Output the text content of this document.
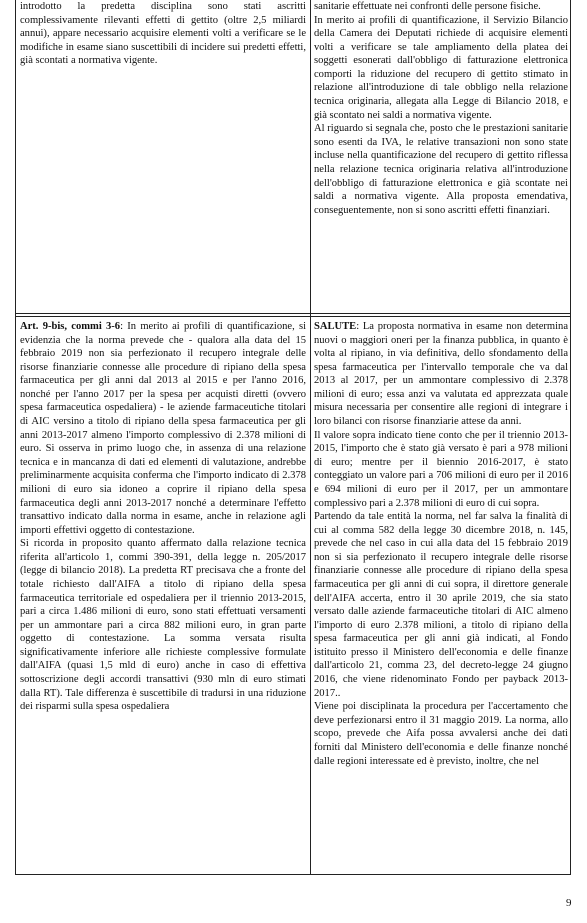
introdotto la predetta disciplina sono stati ascritti complessivamente rilevanti effetti di gettito (oltre 2,5 miliardi annui), appare necessario acquisire elementi volti a verificare se le modifiche in esame siano suscettibili di incidere sui predetti effetti, già scontati a normativa vigente.

sanitarie effettuate nei confronti delle persone fisiche.

In merito ai profili di quantificazione, il Servizio Bilancio della Camera dei Deputati richiede di acquisire elementi volti a verificare se tale ampliamento della platea dei soggetti esonerati dall'obbligo di fatturazione elettronica comporti la riduzione del recupero di gettito stimato in relazione all'introduzione di tale obbligo nella relazione tecnica originaria, allegata alla Legge di Bilancio 2018, e già scontato nei saldi a normativa vigente.

Al riguardo si segnala che, posto che le prestazioni sanitarie sono esenti da IVA, le relative transazioni non sono state incluse nella quantificazione del recupero di gettito riflessa nella relazione tecnica originaria relativa all'introduzione dell'obbligo di fatturazione elettronica e già scontate nei saldi a normativa vigente. Alla proposta emendativa, conseguentemente, non si sono ascritti effetti finanziari.

Art. 9-bis, commi 3-6: In merito ai profili di quantificazione, si evidenzia che la norma prevede che - qualora alla data del 15 febbraio 2019 non sia perfezionato il recupero integrale delle risorse finanziarie connesse alle procedure di ripiano della spesa farmaceutica per gli anni dal 2013 al 2015 e per l'anno 2016, nonché per l'anno 2017 per la spesa per acquisti diretti (ovvero spesa farmaceutica ospedaliera) - le aziende farmaceutiche titolari di AIC versino a titolo di ripiano della spesa farmaceutica per gli anni 2013-2017 almeno l'importo complessivo di 2.378 milioni di euro. Si osserva in primo luogo che, in assenza di una relazione tecnica e in mancanza di dati ed elementi di valutazione, andrebbe preliminarmente acquisita conferma che l'importo indicato di 2.378 milioni di euro sia idoneo a coprire il ripiano della spesa farmaceutica degli anni 2013-2017 nonché a determinare l'effetto transattivo indicato dalla norma in esame, anche in relazione agli importi effettivi oggetto di contestazione.

Si ricorda in proposito quanto affermato dalla relazione tecnica riferita all'articolo 1, commi 390-391, della legge n. 205/2017 (legge di bilancio 2018). La predetta RT precisava che a fronte del totale richiesto dall'AIFA a titolo di ripiano della spesa farmaceutica territoriale ed ospedaliera per il triennio 2013-2015, pari a circa 1.486 milioni di euro, sono stati effettuati versamenti per un ammontare pari a circa 882 milioni euro, in gran parte oggetto di contestazione. La somma versata risulta significativamente inferiore alle richieste complessive formulate dall'AIFA (quasi 1,5 mld di euro) anche in caso di effettiva sottoscrizione degli accordi transattivi (930 mln di euro stimati dalla RT). Tale differenza è suscettibile di tradursi in una riduzione dei risparmi sulla spesa ospedaliera

SALUTE: La proposta normativa in esame non determina nuovi o maggiori oneri per la finanza pubblica, in quanto è volta al ripiano, in via definitiva, dello sfondamento della spesa farmaceutica per l'intervallo temporale che va dal 2013 al 2017, per un ammontare complessivo di 2.378 milioni di euro; essa anzi va valutata ed apprezzata quale misura necessaria per consentire alle regioni di integrare i loro bilanci con risorse finanziarie attese da anni.

Il valore sopra indicato tiene conto che per il triennio 2013-2015, l'importo che è stato già versato è pari a 978 milioni di euro; mentre per il biennio 2016-2017, è stato conteggiato un valore pari a 706 milioni di euro per il 2016 e 694 milioni di euro per il 2017, per un ammontare complessivo pari a 2.378 milioni di euro di cui sopra.

Partendo da tale entità la norma, nel far salva la finalità di cui al comma 582 della legge 30 dicembre 2018, n. 145, prevede che nel caso in cui alla data del 15 febbraio 2019 non si sia perfezionato il recupero integrale delle risorse finanziarie connesse alle procedure di ripiano della spesa farmaceutica per gli anni di cui sopra, il direttore generale dell'AIFA accerta, entro il 30 aprile 2019, che sia stato versato dalle aziende farmaceutiche titolari di AIC almeno l'importo di euro 2.378 milioni, a titolo di ripiano della spesa farmaceutica per gli anni già indicati, al Fondo istituito presso il Ministero dell'economia e delle finanze dall'articolo 21, comma 23, del decreto-legge 24 giugno 2016, che viene ridenominato Fondo per payback 2013-2017..

Viene poi disciplinata la procedura per l'accertamento che deve perfezionarsi entro il 31 maggio 2019. La norma, allo scopo, prevede che Aifa possa avvalersi anche dei dati forniti dal Ministero dell'economia e delle finanze nonché dalle regioni interessate ed è previsto, inoltre, che nel

9
